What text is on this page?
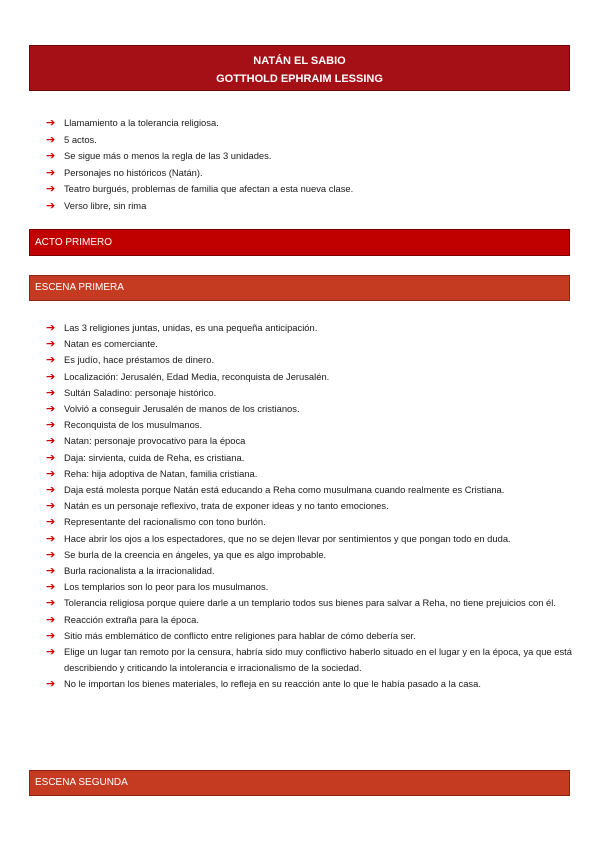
NATÁN EL SABIO
GOTTHOLD EPHRAIM LESSING
➔ Llamamiento a la tolerancia religiosa.
➔ 5 actos.
➔ Se sigue más o menos la regla de las 3 unidades.
➔ Personajes no históricos (Natán).
➔ Teatro burgués, problemas de familia que afectan a esta nueva clase.
➔ Verso libre, sin rima
ACTO PRIMERO
ESCENA PRIMERA
➔ Las 3 religiones juntas, unidas, es una pequeña anticipación.
➔ Natan es comerciante.
➔ Es judío, hace préstamos de dinero.
➔ Localización: Jerusalén, Edad Media, reconquista de Jerusalén.
➔ Sultán Saladino: personaje histórico.
➔ Volvió a conseguir Jerusalén de manos de los cristianos.
➔ Reconquista de los musulmanos.
➔ Natan: personaje provocativo para la época
➔ Daja: sirvienta, cuida de Reha, es cristiana.
➔ Reha: hija adoptiva de Natan, familia cristiana.
➔ Daja está molesta porque Natán está educando a Reha como musulmana cuando realmente es Cristiana.
➔ Natán es un personaje reflexivo, trata de exponer ideas y no tanto emociones.
➔ Representante del racionalismo con tono burlón.
➔ Hace abrir los ojos a los espectadores, que no se dejen llevar por sentimientos y que pongan todo en duda.
➔ Se burla de la creencia en ángeles, ya que es algo improbable.
➔ Burla racionalista a la irracionalidad.
➔ Los templarios son lo peor para los musulmanos.
➔ Tolerancia religiosa porque quiere darle a un templario todos sus bienes para salvar a Reha, no tiene prejuicios con él.
➔ Reacción extraña para la época.
➔ Sitio más emblemático de conflicto entre religiones para hablar de cómo debería ser.
➔ Elige un lugar tan remoto por la censura, habría sido muy conflictivo haberlo situado en el lugar y en la época, ya que está describiendo y criticando la intolerancia e irracionalismo de la sociedad.
➔ No le importan los bienes materiales, lo refleja en su reacción ante lo que le había pasado a la casa.
ESCENA SEGUNDA
